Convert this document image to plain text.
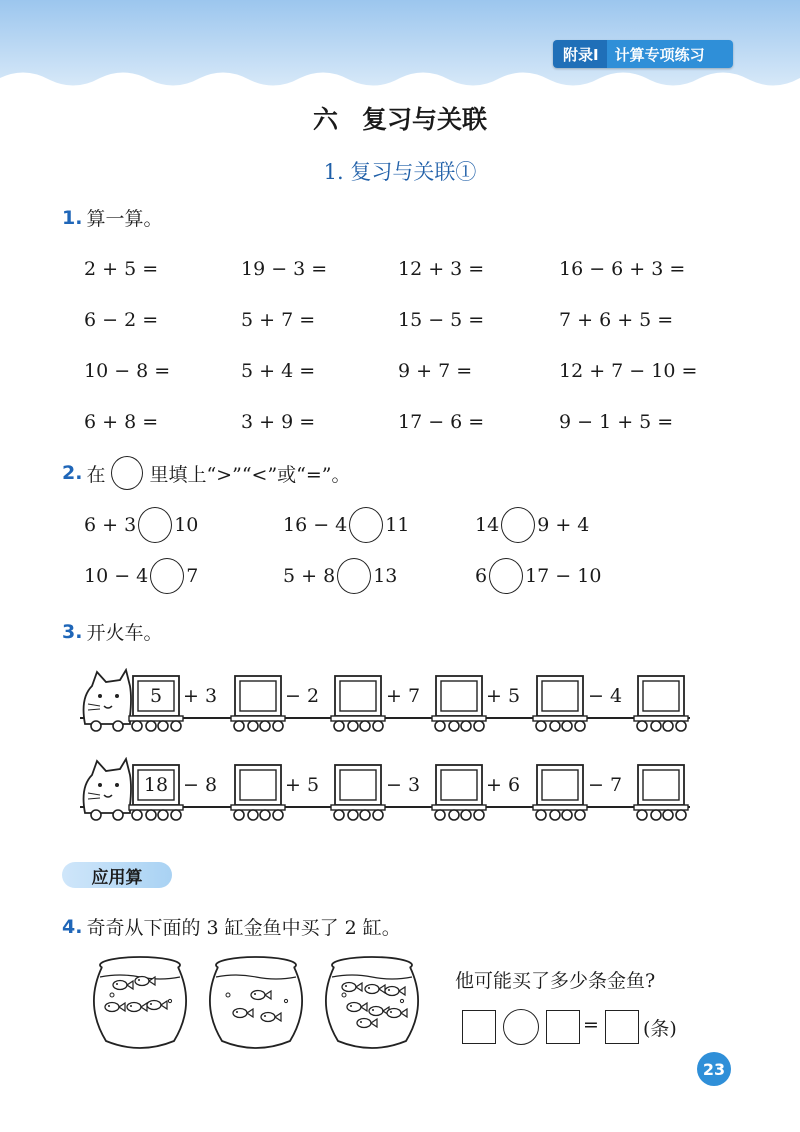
附录Ⅰ	计算专项练习
六 复习与关联
1. 复习与关联①
1. 算一算。
2 + 5 =	19 − 3 =	12 + 3 =	16 − 6 + 3 =
6 − 2 =	5 + 7 =	15 − 5 =	7 + 6 + 5 =
10 − 8 =	5 + 4 =	9 + 7 =	12 + 7 − 10 =
6 + 8 =	3 + 9 =	17 − 6 =	9 − 1 + 5 =
2. 在 里填上“>”“<”或“=”。
6 + 3 10	16 − 4 11	14 9 + 4
10 − 4 7	5 + 8 13	6 17 − 10
3. 开火车。
5	+ 3	− 2	+ 7	+ 5	− 4
18 − 8	+ 5	− 3	+ 6	− 7
应用算
4. 奇奇从下面的 3 缸金鱼中买了 2 缸。
他可能买了多少条金鱼?
= (条)
23
